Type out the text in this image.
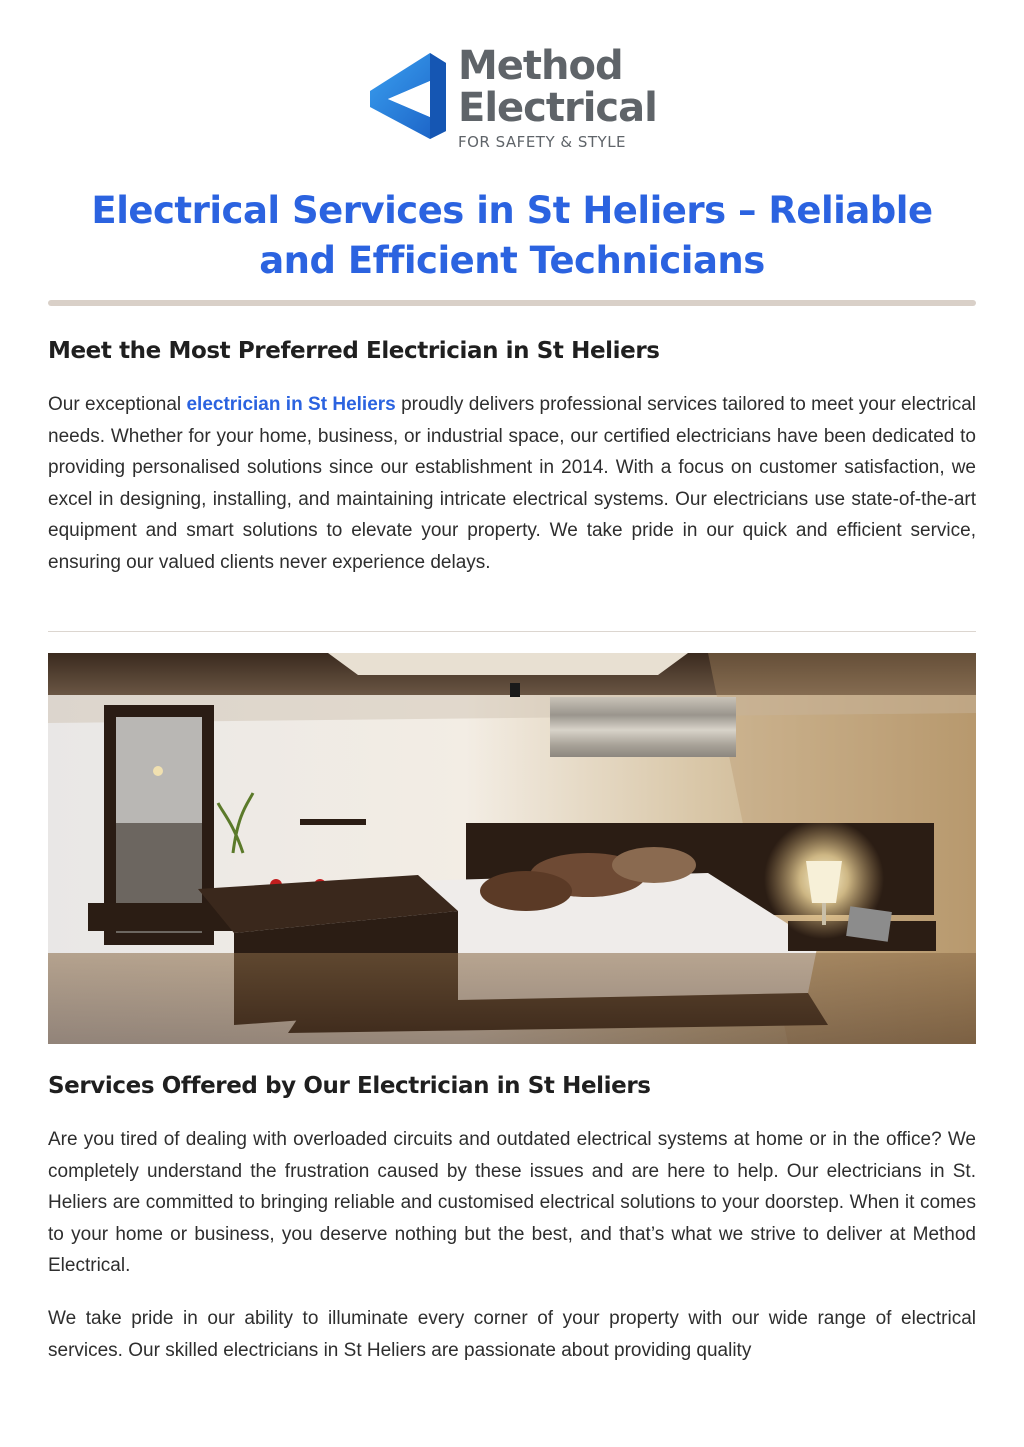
Method
Electrical
FOR SAFETY & STYLE
Electrical Services in St Heliers – Reliable and Efficient Technicians
Meet the Most Preferred Electrician in St Heliers

Our exceptional electrician in St Heliers proudly delivers professional services tailored to meet your electrical needs. Whether for your home, business, or industrial space, our certified electricians have been dedicated to providing personalised solutions since our establishment in 2014. With a focus on customer satisfaction, we excel in designing, installing, and maintaining intricate electrical systems. Our electricians use state-of-the-art equipment and smart solutions to elevate your property. We take pride in our quick and efficient service, ensuring our valued clients never experience delays.

Services Offered by Our Electrician in St Heliers

Are you tired of dealing with overloaded circuits and outdated electrical systems at home or in the office? We completely understand the frustration caused by these issues and are here to help. Our electricians in St. Heliers are committed to bringing reliable and customised electrical solutions to your doorstep. When it comes to your home or business, you deserve nothing but the best, and that’s what we strive to deliver at Method Electrical.

We take pride in our ability to illuminate every corner of your property with our wide range of electrical services. Our skilled electricians in St Heliers are passionate about providing quality
